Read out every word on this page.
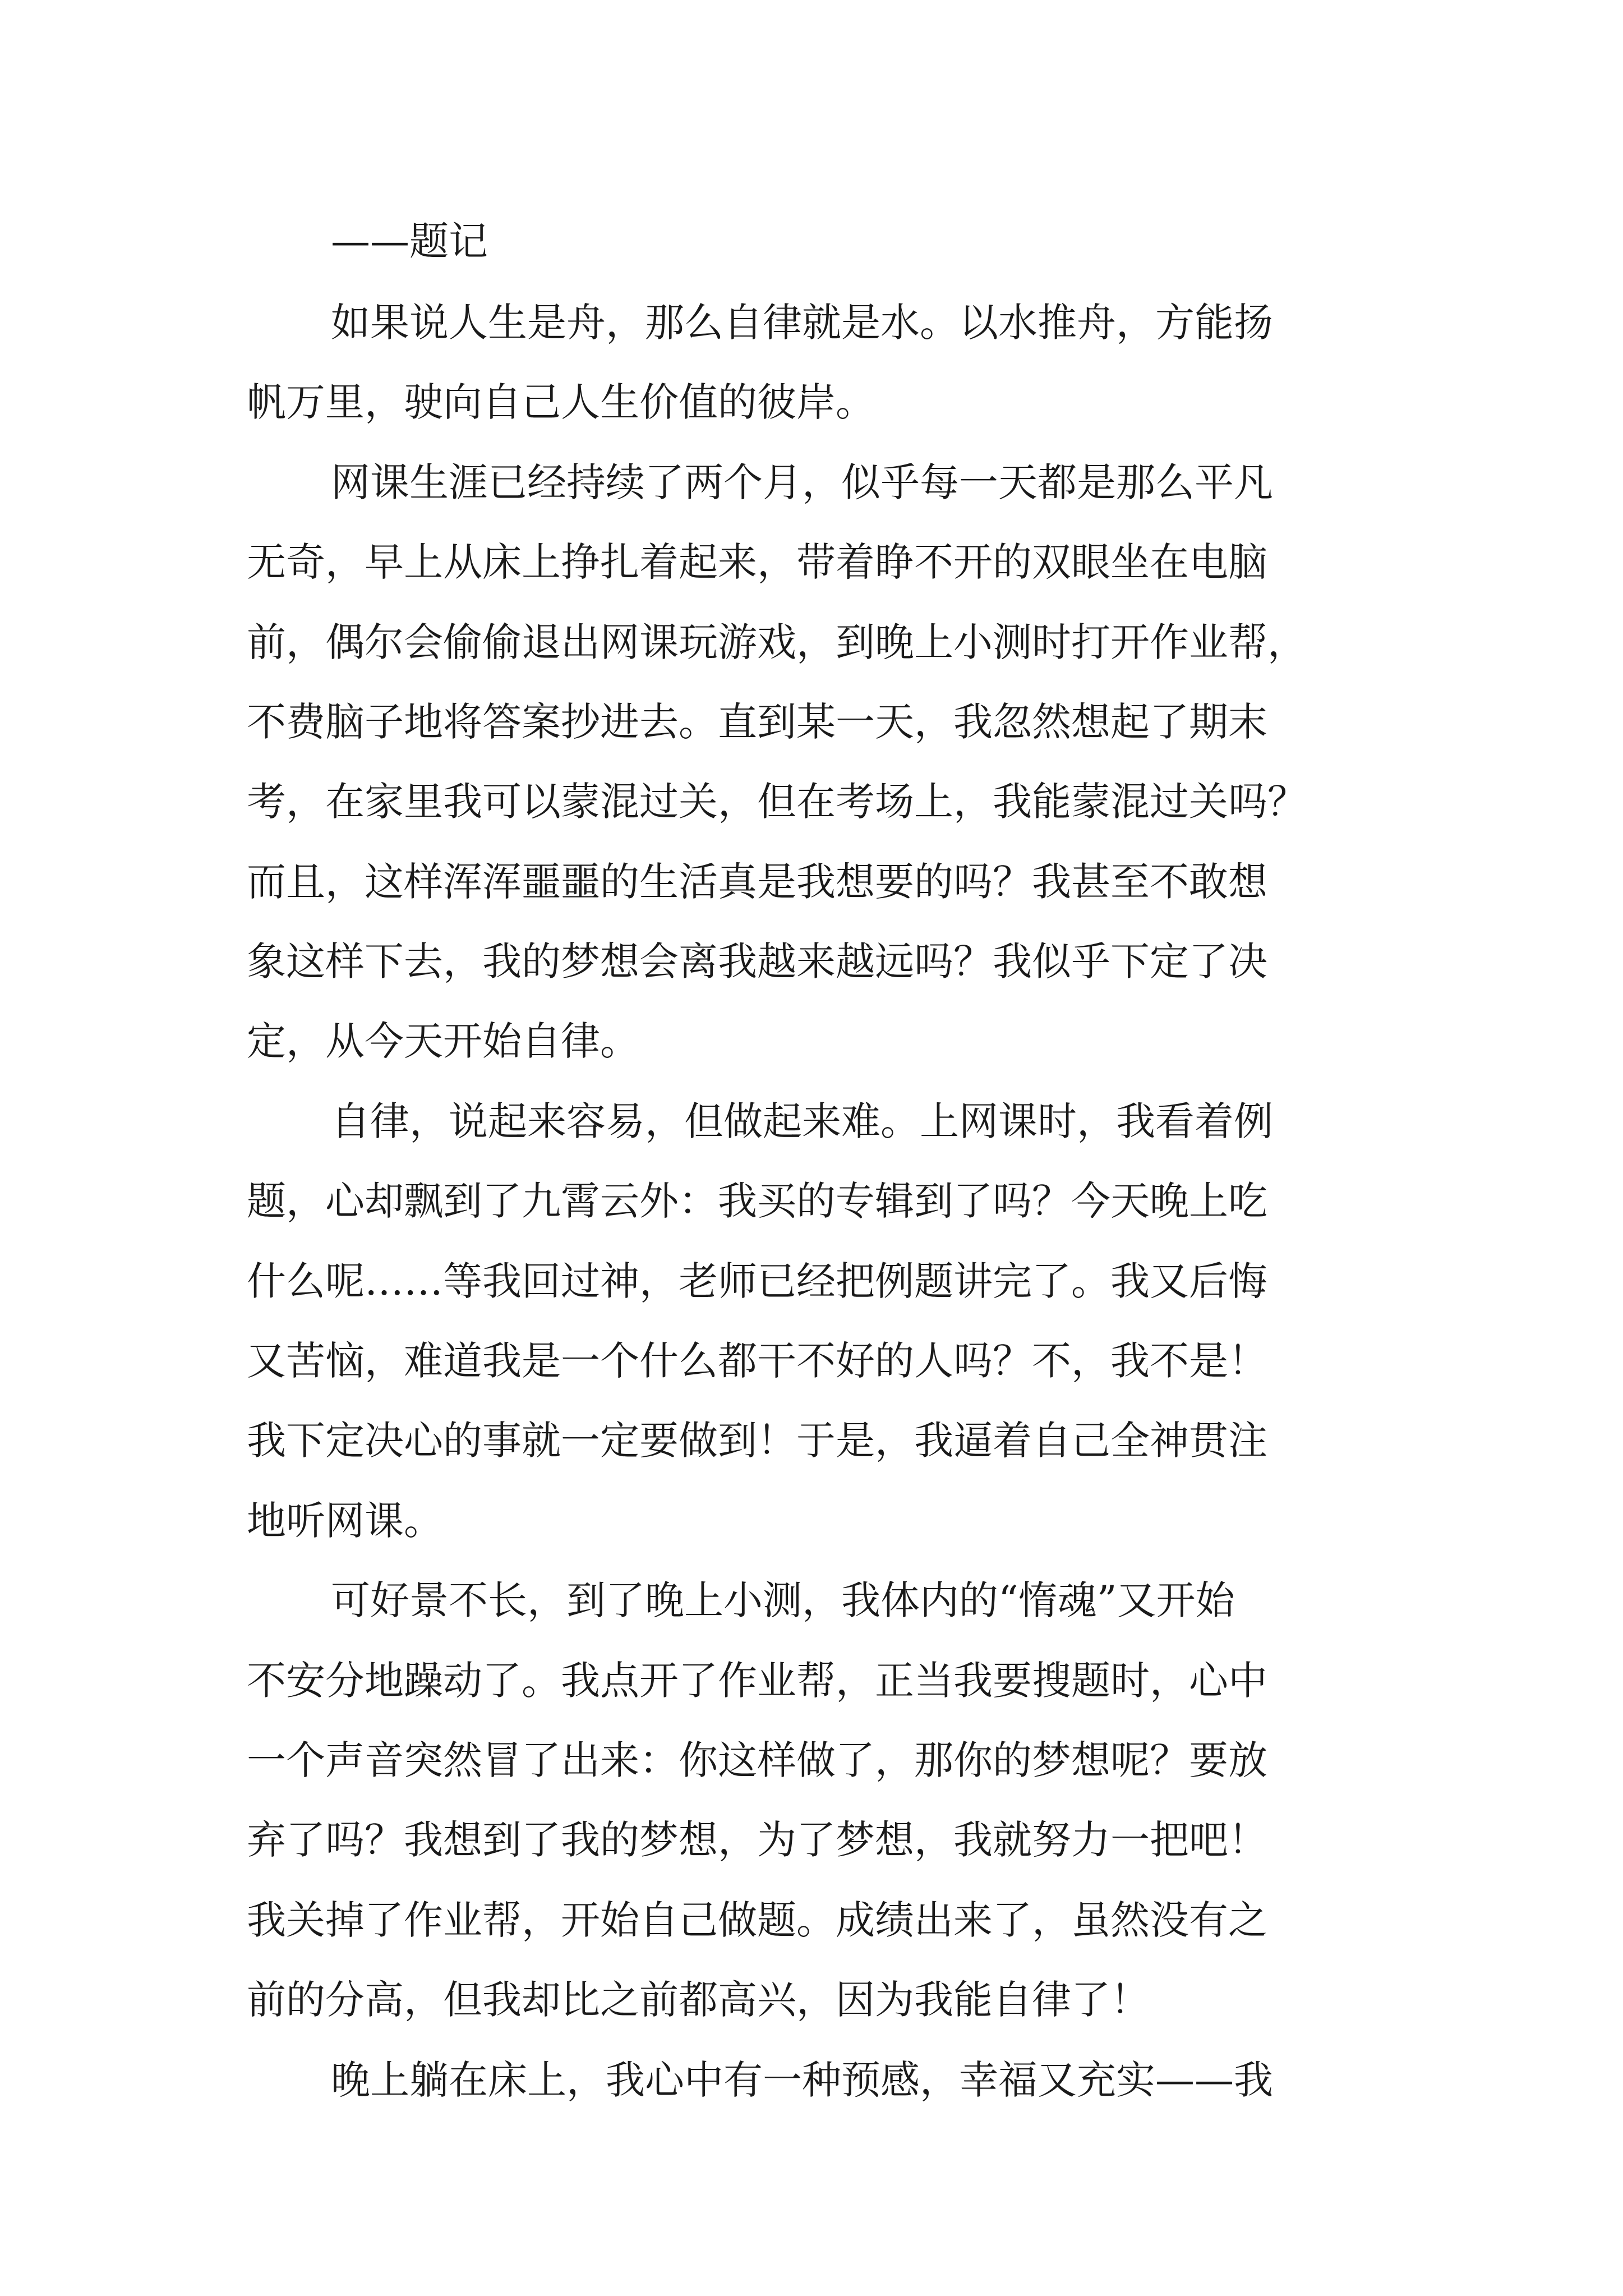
——题记
如果说人生是舟，那么自律就是水。以水推舟，方能扬
帆万里，驶向自己人生价值的彼岸。
网课生涯已经持续了两个月，似乎每一天都是那么平凡
无奇，早上从床上挣扎着起来，带着睁不开的双眼坐在电脑
前，偶尔会偷偷退出网课玩游戏，到晚上小测时打开作业帮，
不费脑子地将答案抄进去。直到某一天，我忽然想起了期末
考，在家里我可以蒙混过关，但在考场上，我能蒙混过关吗？
而且，这样浑浑噩噩的生活真是我想要的吗？我甚至不敢想
象这样下去，我的梦想会离我越来越远吗？我似乎下定了决
定，从今天开始自律。
自律，说起来容易，但做起来难。上网课时，我看着例
题，心却飘到了九霄云外：我买的专辑到了吗？今天晚上吃
什么呢……等我回过神，老师已经把例题讲完了。我又后悔
又苦恼，难道我是一个什么都干不好的人吗？不，我不是！
我下定决心的事就一定要做到！于是，我逼着自己全神贯注
地听网课。
可好景不长，到了晚上小测，我体内的“惰魂”又开始
不安分地躁动了。我点开了作业帮，正当我要搜题时，心中
一个声音突然冒了出来：你这样做了，那你的梦想呢？要放
弃了吗？我想到了我的梦想，为了梦想，我就努力一把吧！
我关掉了作业帮，开始自己做题。成绩出来了，虽然没有之
前的分高，但我却比之前都高兴，因为我能自律了！
晚上躺在床上，我心中有一种预感，幸福又充实——我
